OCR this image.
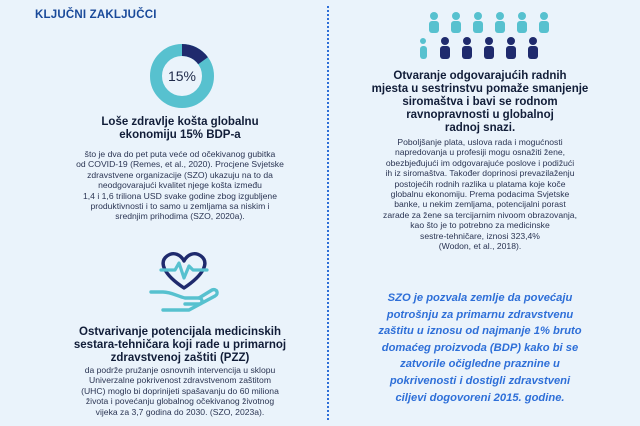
KLJUČNI ZAKLJUČCI
15%
Loše zdravlje košta globalnu
ekonomiju 15% BDP-a

što je dva do pet puta veće od očekivanog gubitka

od COVID-19 (Remes, et al., 2020). Procjene Svjetske

zdravstvene organizacije (SZO) ukazuju na to da

neodgovarajući kvalitet njege košta između

1,4 i 1,6 triliona USD svake godine zbog izgubljene

produktivnosti i to samo u zemljama sa niskim i

srednjim prihodima (SZO, 2020a).

Ostvarivanje potencijala medicinskih
sestara-tehničara koji rade u primarnoj
zdravstvenoj zaštiti (PZZ)

da podrže pružanje osnovnih intervencija u sklopu

Univerzalne pokrivenost zdravstvenom zaštitom

(UHC) moglo bi doprinijeti spašavanju do 60 miliona

života i povećanju globalnog očekivanog životnog

vijeka za 3,7 godina do 2030. (SZO, 2023a).

Otvaranje odgovarajućih radnih
mjesta u sestrinstvu pomaže smanjenje
siromaštva i bavi se rodnom
ravnopravnosti u globalnoj
radnoj snazi.

Poboljšanje plata, uslova rada i mogućnosti

napredovanja u profesiji mogu osnažiti žene,

obezbjeđujući im odgovarajuće poslove i podižući

ih iz siromaštva. Također doprinosi prevazilaženju

postojećih rodnih razlika u platama koje koče

globalnu ekonomiju. Prema podacima Svjetske

banke, u nekim zemljama, potencijalni porast

zarade za žene sa tercijarnim nivoom obrazovanja,

kao što je to potrebno za medicinske

sestre-tehničare, iznosi 323,4%

(Wodon, et al., 2018).

SZO je pozvala zemlje da povećaju
potrošnju za primarnu zdravstvenu
zaštitu u iznosu od najmanje 1% bruto
domaćeg proizvoda (BDP) kako bi se
zatvorile očigledne praznine u
pokrivenosti i dostigli zdravstveni
ciljevi dogovoreni 2015. godine.
